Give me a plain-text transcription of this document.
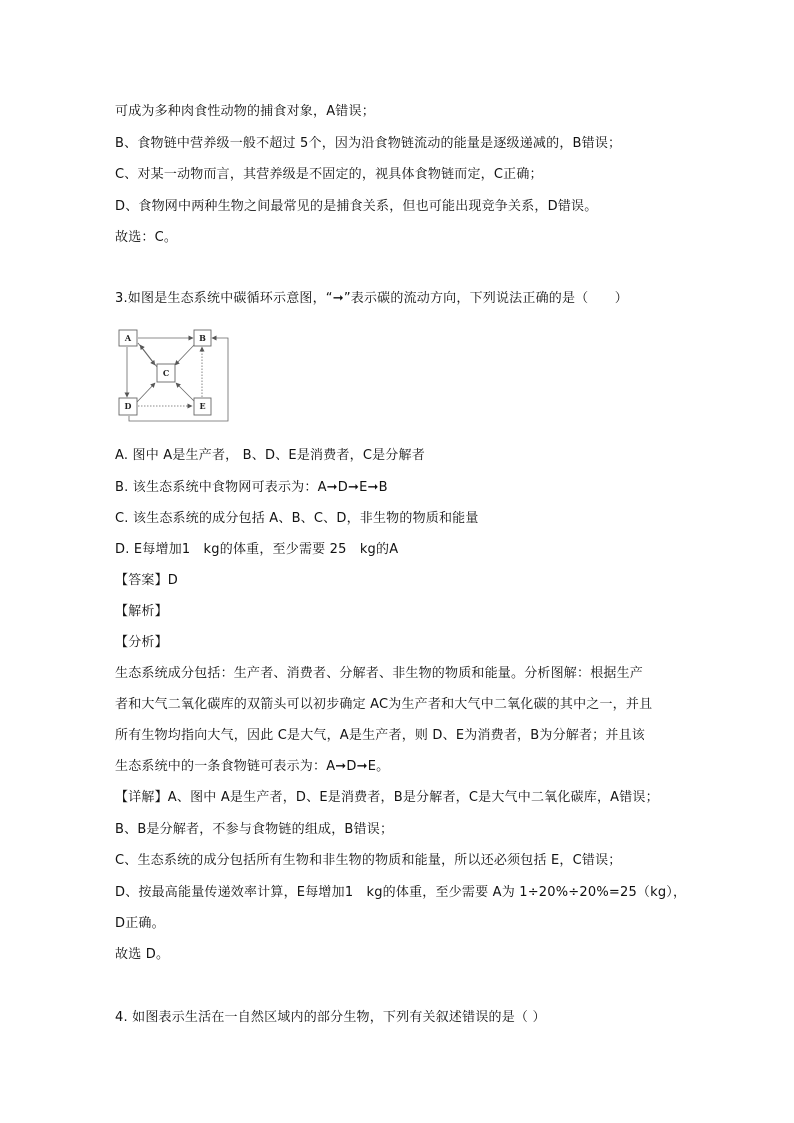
可成为多种肉食性动物的捕食对象，A错误；
B、食物链中营养级一般不超过 5个，因为沿食物链流动的能量是逐级递减的，B错误；
C、对某一动物而言，其营养级是不固定的，视具体食物链而定，C正确；
D、食物网中两种生物之间最常见的是捕食关系，但也可能出现竞争关系，D错误。
故选：C。
3.如图是生态系统中碳循环示意图，“➞”表示碳的流动方向，下列说法正确的是（　　）
A	B
C
D	E
A. 图中 A是生产者， B、D、E是消费者，C是分解者
B. 该生态系统中食物网可表示为：A➞D➞E➞B
C. 该生态系统的成分包括 A、B、C、D，非生物的物质和能量
D. E每增加1　kg的体重，至少需要 25　kg的A
【答案】D
【解析】
【分析】
生态系统成分包括：生产者、消费者、分解者、非生物的物质和能量。分析图解：根据生产
者和大气二氧化碳库的双箭头可以初步确定 AC为生产者和大气中二氧化碳的其中之一，并且
所有生物均指向大气，因此 C是大气，A是生产者，则 D、E为消费者，B为分解者；并且该
生态系统中的一条食物链可表示为：A➞D➞E。
【详解】A、图中 A是生产者，D、E是消费者，B是分解者，C是大气中二氧化碳库，A错误；
B、B是分解者，不参与食物链的组成，B错误；
C、生态系统的成分包括所有生物和非生物的物质和能量，所以还必须包括 E，C错误；
D、按最高能量传递效率计算，E每增加1　kg的体重，至少需要 A为 1÷20%÷20%=25（kg），
D正确。
故选 D。
4. 如图表示生活在一自然区域内的部分生物，下列有关叙述错误的是（ ）
